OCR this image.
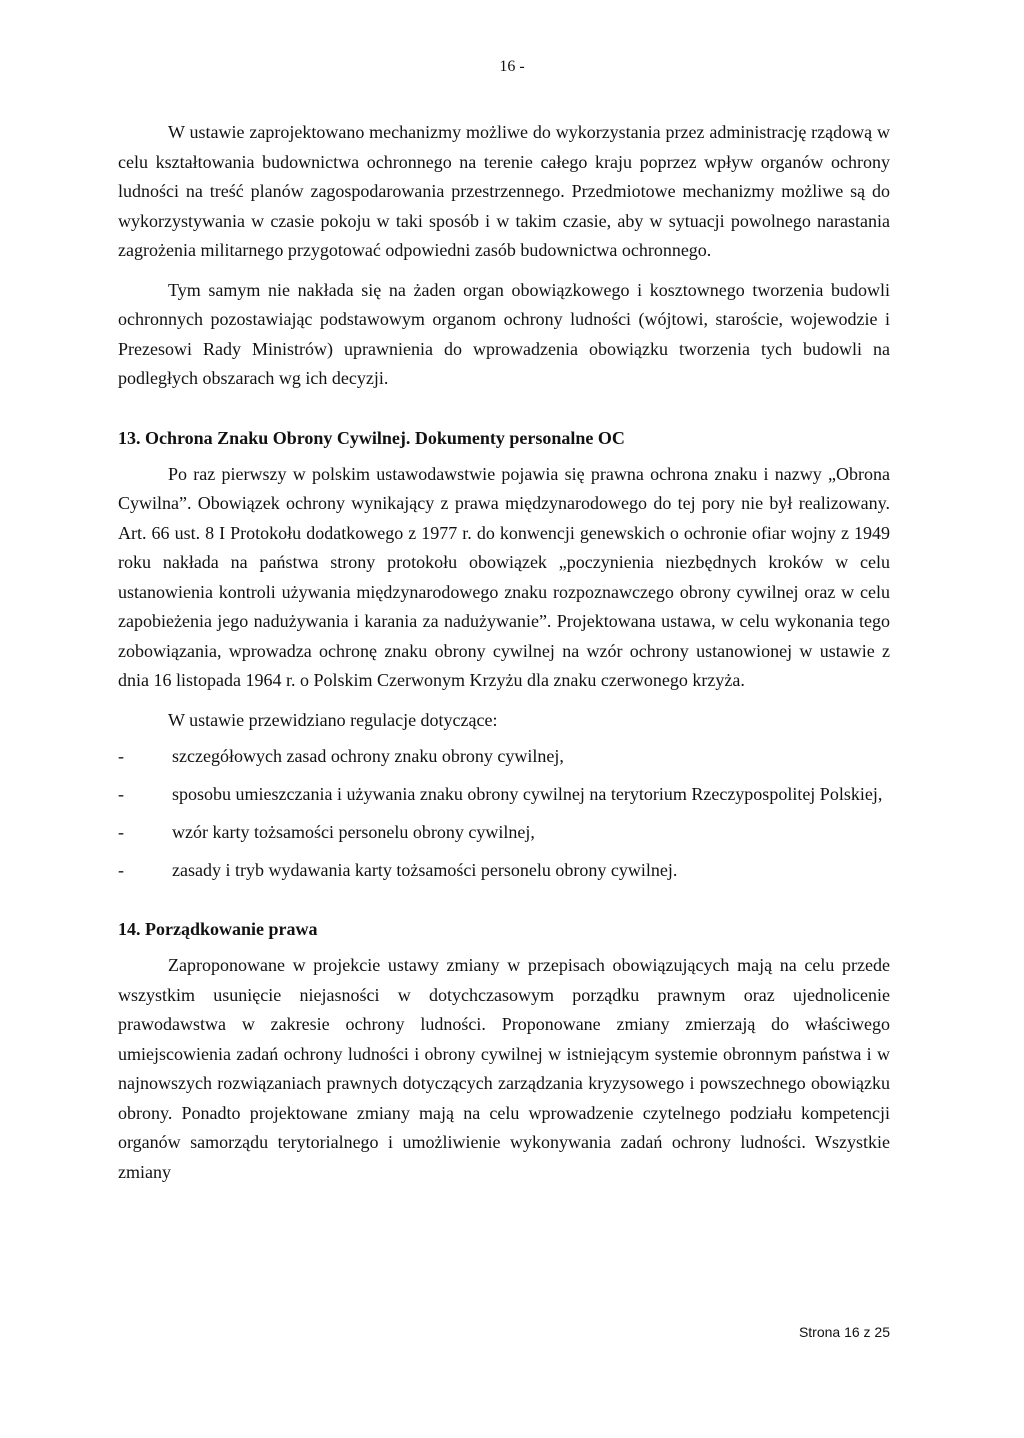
16 -

W ustawie zaprojektowano mechanizmy możliwe do wykorzystania przez administrację rządową w celu kształtowania budownictwa ochronnego na terenie całego kraju poprzez wpływ organów ochrony ludności na treść planów zagospodarowania przestrzennego. Przedmiotowe mechanizmy możliwe są do wykorzystywania w czasie pokoju w taki sposób i w takim czasie, aby w sytuacji powolnego narastania zagrożenia militarnego przygotować odpowiedni zasób budownictwa ochronnego.

Tym samym nie nakłada się na żaden organ obowiązkowego i kosztownego tworzenia budowli ochronnych pozostawiając podstawowym organom ochrony ludności (wójtowi, staroście, wojewodzie i Prezesowi Rady Ministrów) uprawnienia do wprowadzenia obowiązku tworzenia tych budowli na podległych obszarach wg ich decyzji.

13. Ochrona Znaku Obrony Cywilnej. Dokumenty personalne OC

Po raz pierwszy w polskim ustawodawstwie pojawia się prawna ochrona znaku i nazwy „Obrona Cywilna”. Obowiązek ochrony wynikający z prawa międzynarodowego do tej pory nie był realizowany. Art. 66 ust. 8 I Protokołu dodatkowego z 1977 r. do konwencji genewskich o ochronie ofiar wojny z 1949 roku nakłada na państwa strony protokołu obowiązek „poczynienia niezbędnych kroków w celu ustanowienia kontroli używania międzynarodowego znaku rozpoznawczego obrony cywilnej oraz w celu zapobieżenia jego nadużywania i karania za nadużywanie”. Projektowana ustawa, w celu wykonania tego zobowiązania, wprowadza ochronę znaku obrony cywilnej na wzór ochrony ustanowionej w ustawie z dnia 16 listopada 1964 r. o Polskim Czerwonym Krzyżu dla znaku czerwonego krzyża.

W ustawie przewidziano regulacje dotyczące:

-	szczegółowych zasad ochrony znaku obrony cywilnej,
-	sposobu umieszczania i używania znaku obrony cywilnej na terytorium Rzeczypospolitej Polskiej,
-	wzór karty tożsamości personelu obrony cywilnej,
-	zasady i tryb wydawania karty tożsamości personelu obrony cywilnej.
14. Porządkowanie prawa

Zaproponowane w projekcie ustawy zmiany w przepisach obowiązujących mają na celu przede wszystkim usunięcie niejasności w dotychczasowym porządku prawnym oraz ujednolicenie prawodawstwa w zakresie ochrony ludności. Proponowane zmiany zmierzają do właściwego umiejscowienia zadań ochrony ludności i obrony cywilnej w istniejącym systemie obronnym państwa i w najnowszych rozwiązaniach prawnych dotyczących zarządzania kryzysowego i powszechnego obowiązku obrony. Ponadto projektowane zmiany mają na celu wprowadzenie czytelnego podziału kompetencji organów samorządu terytorialnego i umożliwienie wykonywania zadań ochrony ludności. Wszystkie zmiany

Strona 16 z 25
